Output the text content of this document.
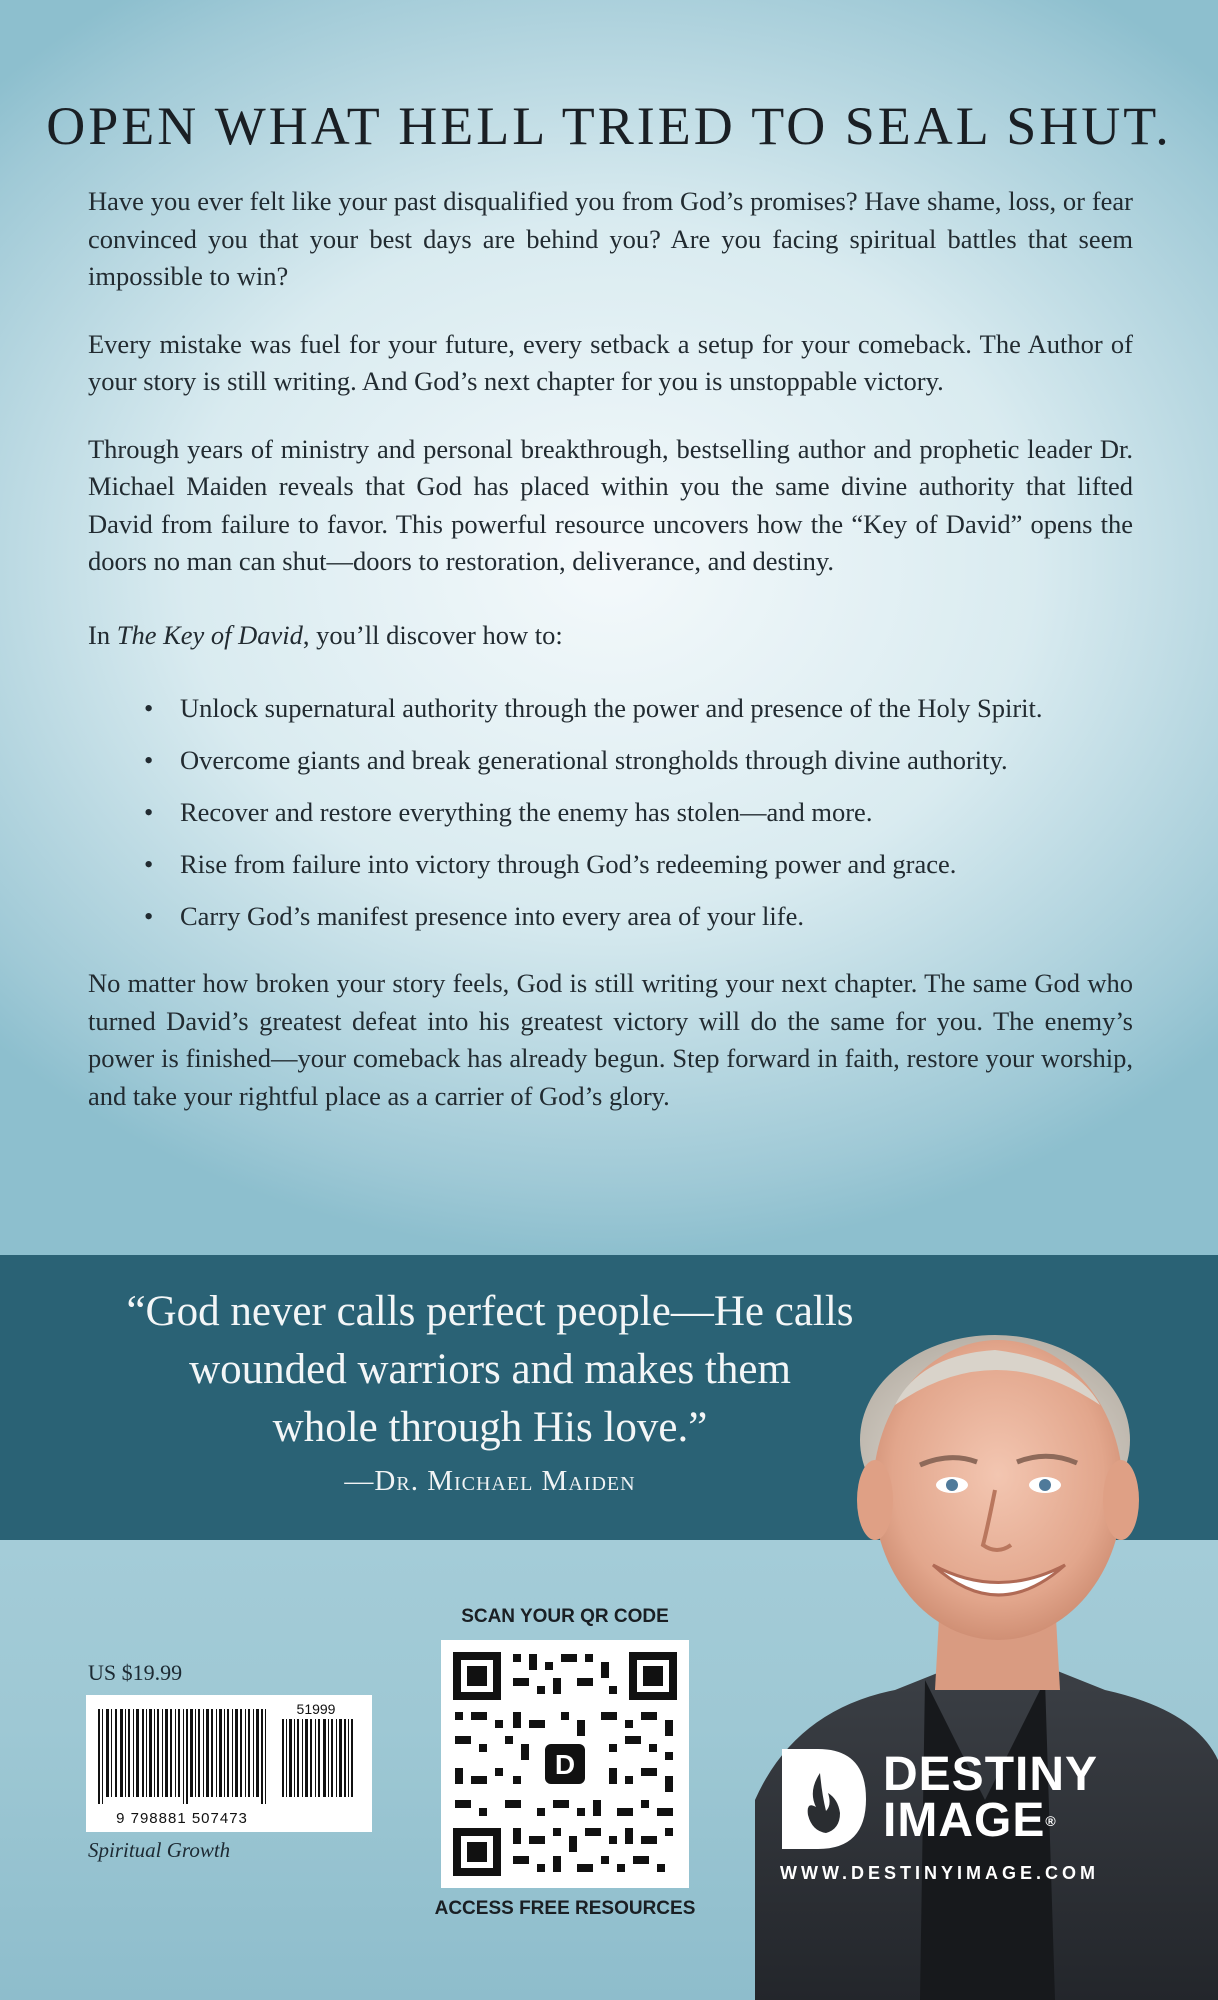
OPEN WHAT HELL TRIED TO SEAL SHUT.

Have you ever felt like your past disqualified you from God’s promises? Have shame, loss, or fear convinced you that your best days are behind you? Are you facing spiritual battles that seem impossible to win?

Every mistake was fuel for your future, every setback a setup for your comeback. The Author of your story is still writing. And God’s next chapter for you is unstoppable victory.

Through years of ministry and personal breakthrough, bestselling author and prophetic leader Dr. Michael Maiden reveals that God has placed within you the same divine authority that lifted David from failure to favor. This powerful resource uncovers how the “Key of David” opens the doors no man can shut—doors to restoration, deliverance, and destiny.

In The Key of David, you’ll discover how to:

• Unlock supernatural authority through the power and presence of the Holy Spirit.
• Overcome giants and break generational strongholds through divine authority.
• Recover and restore everything the enemy has stolen—and more.
• Rise from failure into victory through God’s redeeming power and grace.
• Carry God’s manifest presence into every area of your life.

No matter how broken your story feels, God is still writing your next chapter. The same God who turned David’s greatest defeat into his greatest victory will do the same for you. The enemy’s power is finished—your comeback has already begun. Step forward in faith, restore your worship, and take your rightful place as a carrier of God’s glory.

“God never calls perfect people—He calls
wounded warriors and makes them
whole through His love.”
—Dr. Michael Maiden
US $19.99
51999
9 798881 507473
Spiritual Growth
SCAN YOUR QR CODE
D
ACCESS FREE RESOURCES
DESTINY
IMAGE®
WWW.DESTINYIMAGE.COM
